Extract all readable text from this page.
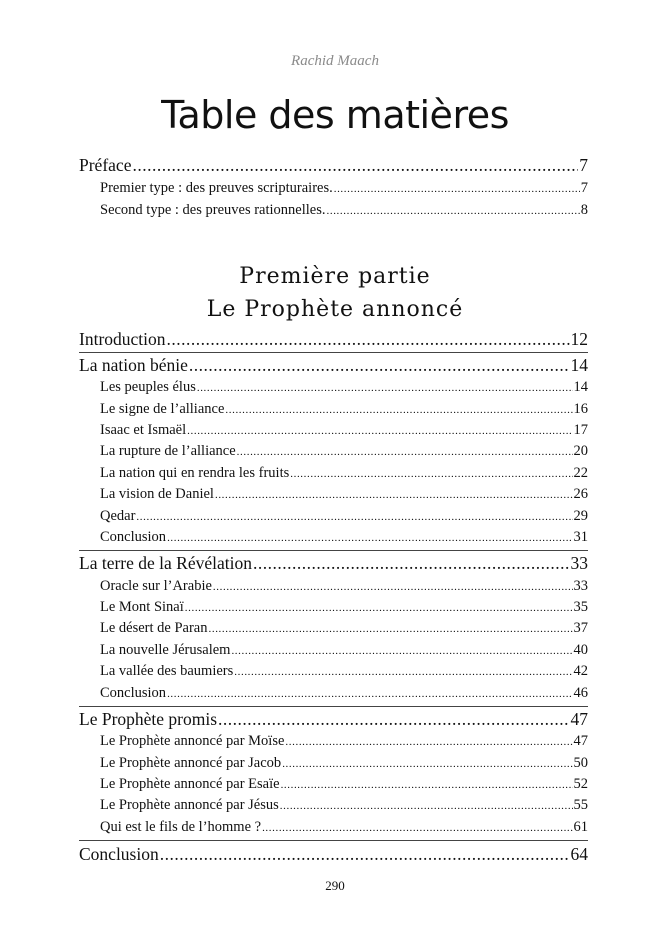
Rachid Maach
Table des matières
Préface .....	7
Premier type : des preuves scripturaires. .....	7
Second type : des preuves rationnelles. .....	8
Première partie
Le Prophète annoncé
Introduction .....	12
La nation bénie .....	14
Les peuples élus .....	14
Le signe de l’alliance .....	16
Isaac et Ismaël .....	17
La rupture de l’alliance .....	20
La nation qui en rendra les fruits .....	22
La vision de Daniel .....	26
Qedar .....	29
Conclusion .....	31
La terre de la Révélation .....	33
Oracle sur l’Arabie .....	33
Le Mont Sinaï .....	35
Le désert de Paran .....	37
La nouvelle Jérusalem .....	40
La vallée des baumiers .....	42
Conclusion .....	46
Le Prophète promis .....	47
Le Prophète annoncé par Moïse .....	47
Le Prophète annoncé par Jacob .....	50
Le Prophète annoncé par Esaïe .....	52
Le Prophète annoncé par Jésus .....	55
Qui est le fils de l’homme ? .....	61
Conclusion .....	64
290
